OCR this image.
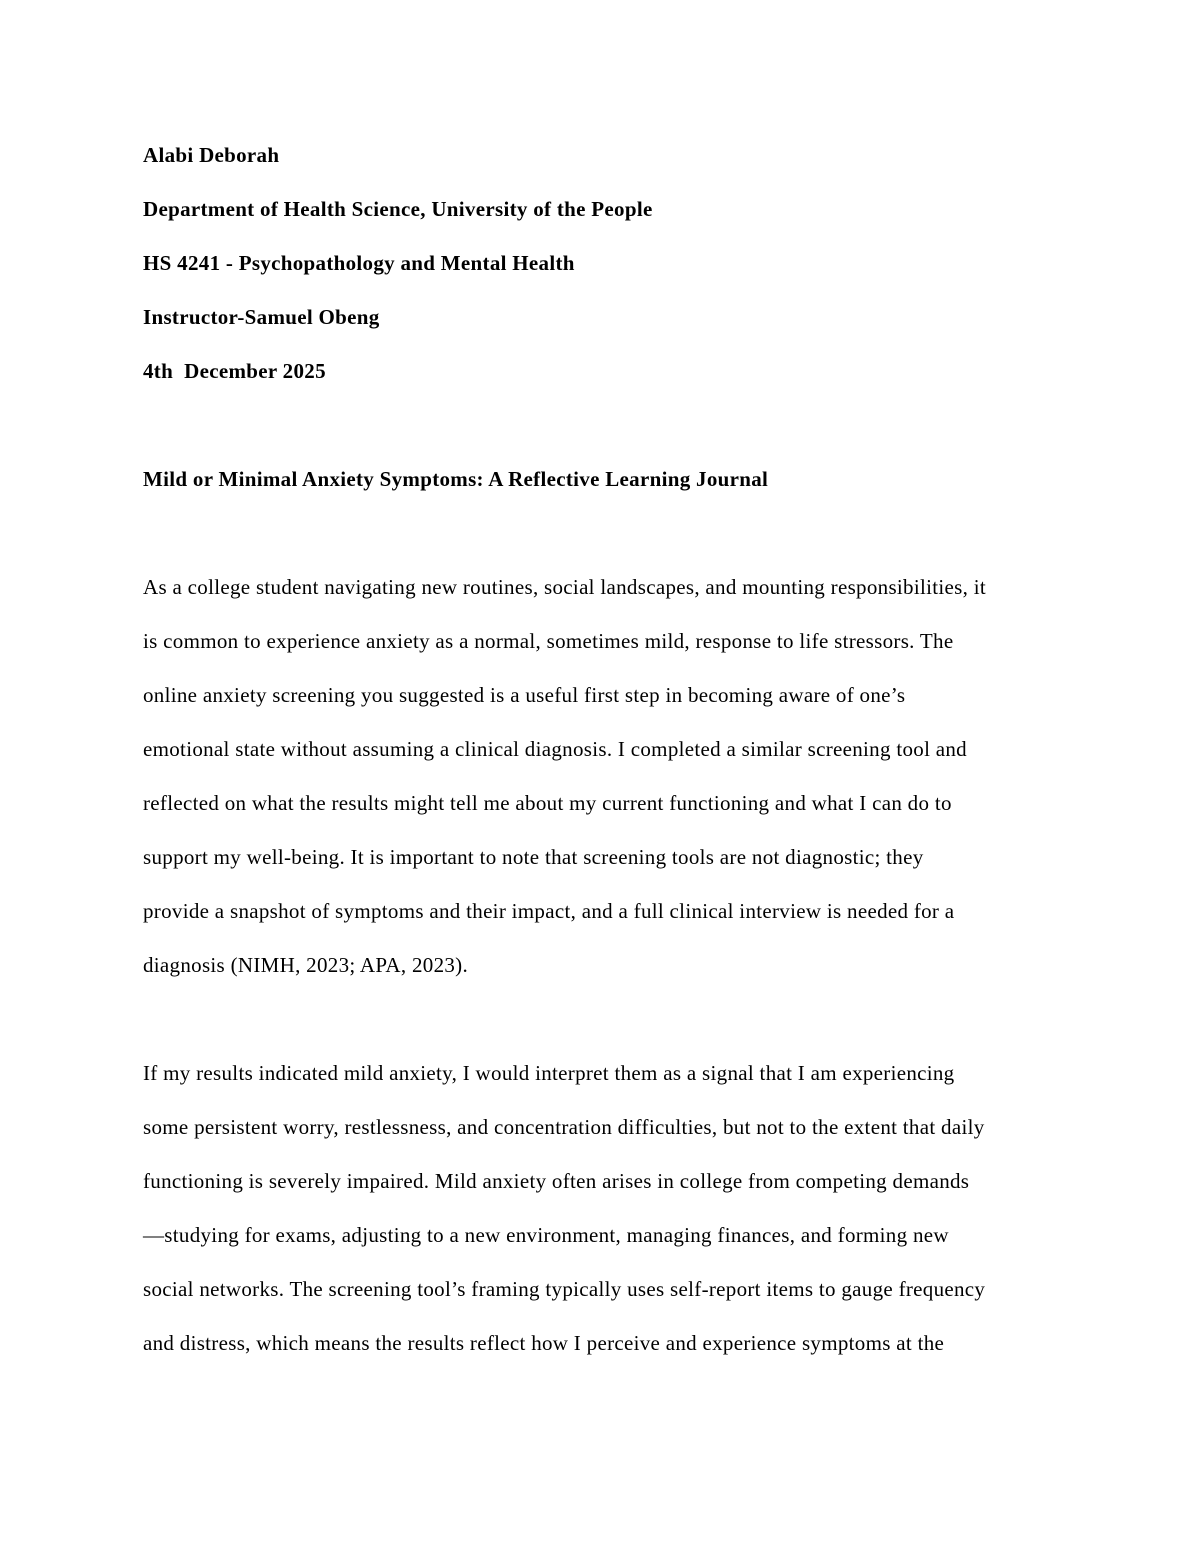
Alabi Deborah
Department of Health Science, University of the People
HS 4241 - Psychopathology and Mental Health
Instructor-Samuel Obeng
4th  December 2025
Mild or Minimal Anxiety Symptoms: A Reflective Learning Journal
As a college student navigating new routines, social landscapes, and mounting responsibilities, it
is common to experience anxiety as a normal, sometimes mild, response to life stressors. The
online anxiety screening you suggested is a useful first step in becoming aware of one’s
emotional state without assuming a clinical diagnosis. I completed a similar screening tool and
reflected on what the results might tell me about my current functioning and what I can do to
support my well-being. It is important to note that screening tools are not diagnostic; they
provide a snapshot of symptoms and their impact, and a full clinical interview is needed for a
diagnosis (NIMH, 2023; APA, 2023).
If my results indicated mild anxiety, I would interpret them as a signal that I am experiencing
some persistent worry, restlessness, and concentration difficulties, but not to the extent that daily
functioning is severely impaired. Mild anxiety often arises in college from competing demands
—studying for exams, adjusting to a new environment, managing finances, and forming new
social networks. The screening tool’s framing typically uses self-report items to gauge frequency
and distress, which means the results reflect how I perceive and experience symptoms at the
